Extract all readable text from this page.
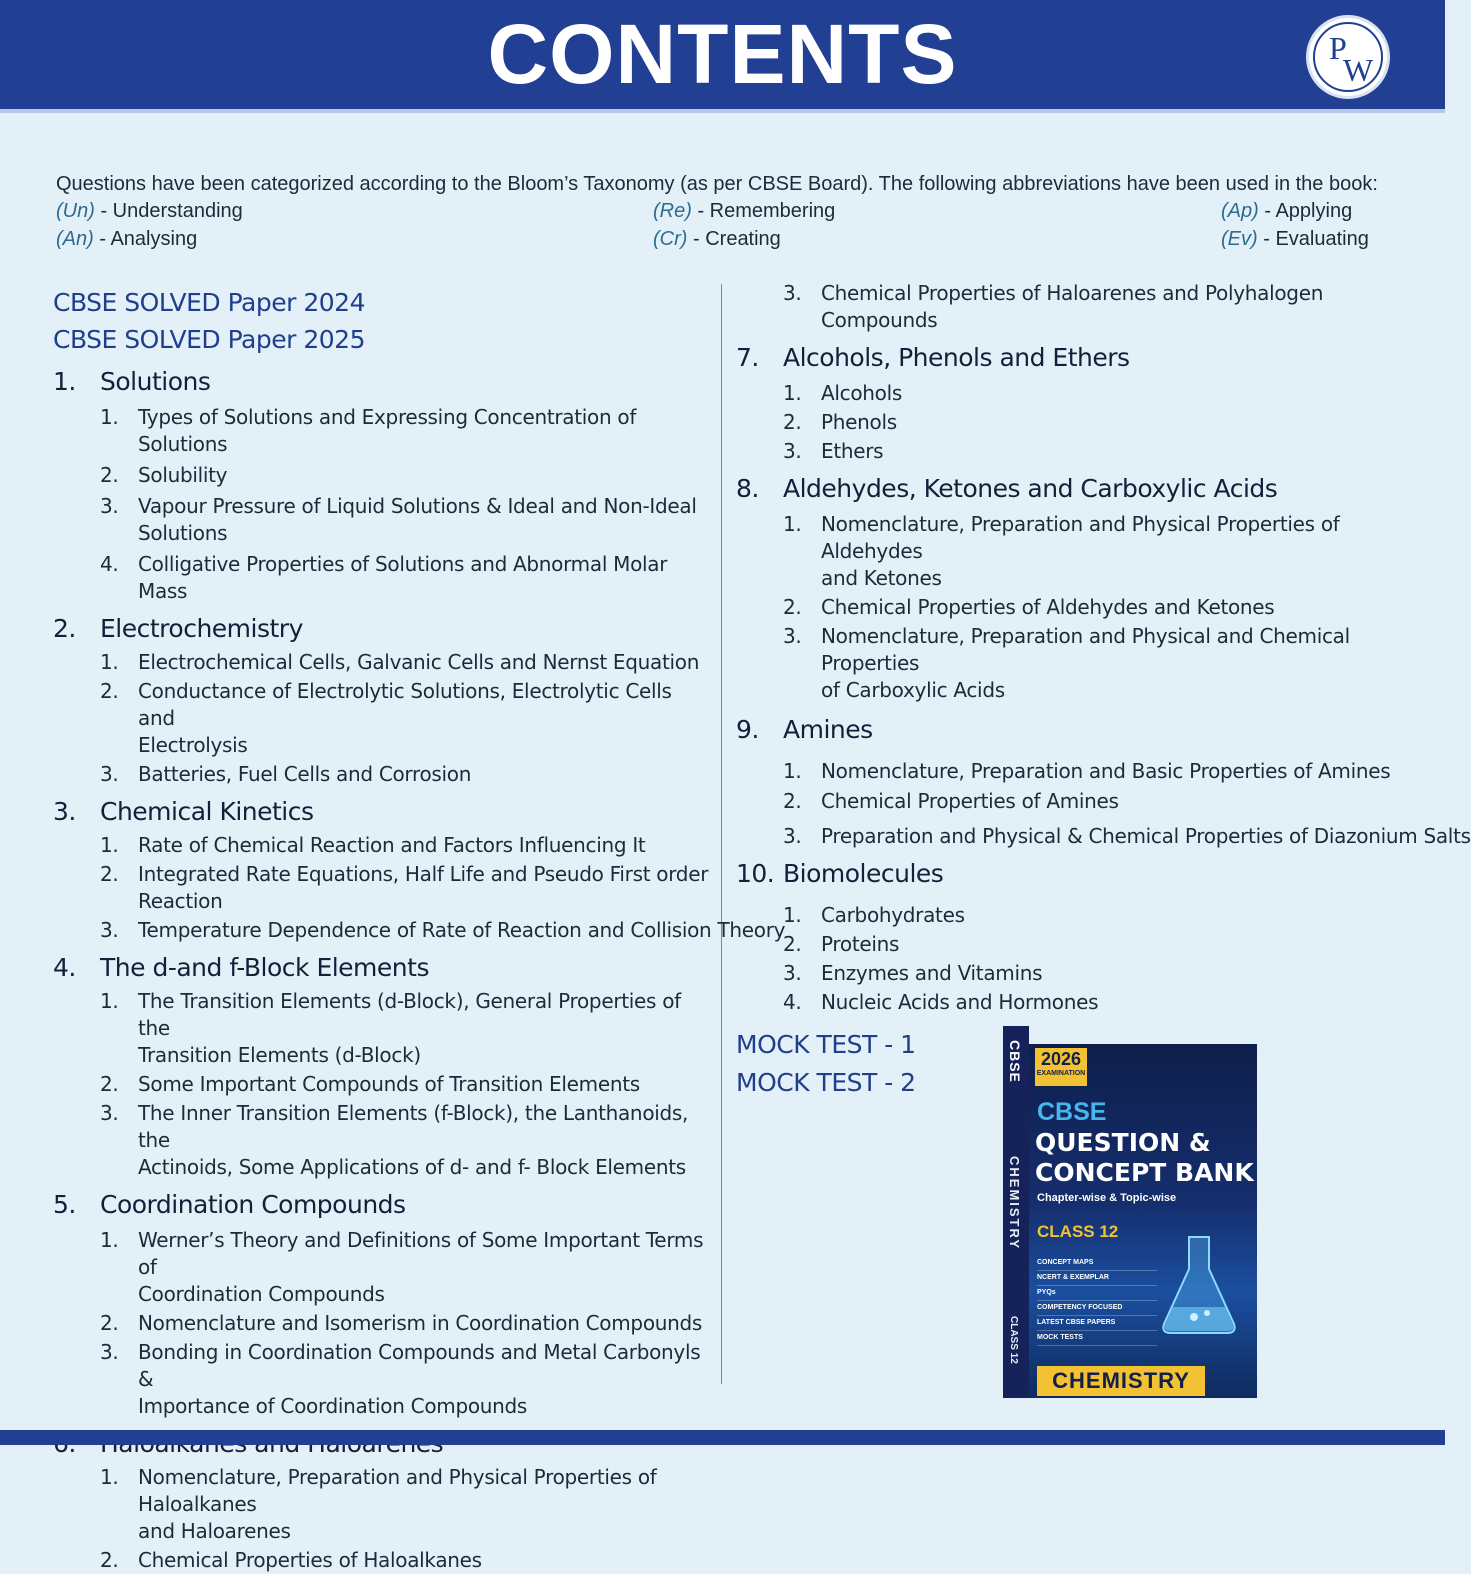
CONTENTS	P
W
Questions have been categorized according to the Bloom’s Taxonomy (as per CBSE Board). The following abbreviations have been used in the book:
(Un) - Understanding	(Re) - Remembering	(Ap) - Applying
(An) - Analysing	(Cr) - Creating	(Ev) - Evaluating
CBSE SOLVED Paper 2024
CBSE SOLVED Paper 2025
1. Solutions
1. Types of Solutions and Expressing Concentration of Solutions
2. Solubility
3. Vapour Pressure of Liquid Solutions & Ideal and Non-Ideal
Solutions
4. Colligative Properties of Solutions and Abnormal Molar Mass
2. Electrochemistry
1. Electrochemical Cells, Galvanic Cells and Nernst Equation
2. Conductance of Electrolytic Solutions, Electrolytic Cells and
Electrolysis
3. Batteries, Fuel Cells and Corrosion
3. Chemical Kinetics
1. Rate of Chemical Reaction and Factors Influencing It
2. Integrated Rate Equations, Half Life and Pseudo First order
Reaction
3. Temperature Dependence of Rate of Reaction and Collision Theory
4. The d-and f-Block Elements
1. The Transition Elements (d-Block), General Properties of the
Transition Elements (d-Block)
2. Some Important Compounds of Transition Elements
3. The Inner Transition Elements (f-Block), the Lanthanoids, the
Actinoids, Some Applications of d- and f- Block Elements
5. Coordination Compounds
1. Werner’s Theory and Definitions of Some Important Terms of
Coordination Compounds
2. Nomenclature and Isomerism in Coordination Compounds
3. Bonding in Coordination Compounds and Metal Carbonyls &
Importance of Coordination Compounds
1. Nomenclature, Preparation and Physical Properties of Haloalkanes
and Haloarenes
2. Chemical Properties of Haloalkanes
3. Chemical Properties of Haloarenes and Polyhalogen Compounds
7. Alcohols, Phenols and Ethers
1. Alcohols
2. Phenols
3. Ethers
8. Aldehydes, Ketones and Carboxylic Acids
1. Nomenclature, Preparation and Physical Properties of Aldehydes
and Ketones
2. Chemical Properties of Aldehydes and Ketones
3. Nomenclature, Preparation and Physical and Chemical Properties
of Carboxylic Acids
9. Amines
1. Nomenclature, Preparation and Basic Properties of Amines
2. Chemical Properties of Amines
3. Preparation and Physical & Chemical Properties of Diazonium Salts
10. Biomolecules
1. Carbohydrates
2. Proteins
3. Enzymes and Vitamins
4. Nucleic Acids and Hormones
MOCK TEST - 1
MOCK TEST - 2	CBSE
CHEMISTRY
CLASS 12
2026
EXAMINATION
CBSE
QUESTION &
CONCEPT BANK
Chapter-wise & Topic-wise
CLASS 12
CONCEPT MAPS
NCERT & EXEMPLAR
PYQs
COMPETENCY FOCUSED
LATEST CBSE PAPERS
MOCK TESTS
CHEMISTRY
